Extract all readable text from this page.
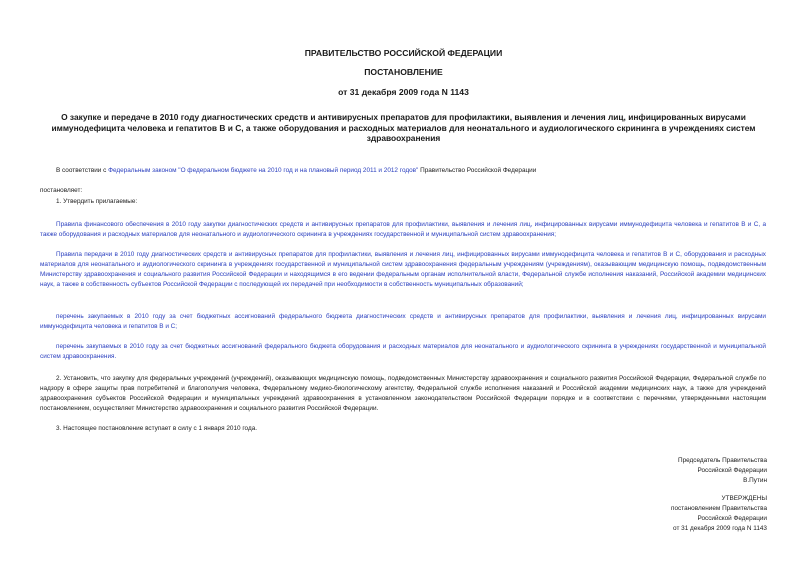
ПРАВИТЕЛЬСТВО РОССИЙСКОЙ ФЕДЕРАЦИИ
ПОСТАНОВЛЕНИЕ
от 31 декабря 2009 года N 1143
О закупке и передаче в 2010 году диагностических средств и антивирусных препаратов для профилактики, выявления и лечения лиц, инфицированных вирусами иммунодефицита человека и гепатитов В и С, а также оборудования и расходных материалов для неонатального и аудиологического скрининга в учреждениях систем здравоохранения
В соответствии с Федеральным законом "О федеральном бюджете на 2010 год и на плановый период 2011 и 2012 годов" Правительство Российской Федерации
постановляет:
1. Утвердить прилагаемые:
Правила финансового обеспечения в 2010 году закупки диагностических средств и антивирусных препаратов для профилактики, выявления и лечения лиц, инфицированных вирусами иммунодефицита человека и гепатитов В и С, а также оборудования и расходных материалов для неонатального и аудиологического скрининга в учреждениях государственной и муниципальной систем здравоохранения;
Правила передачи в 2010 году диагностических средств и антивирусных препаратов для профилактики, выявления и лечения лиц, инфицированных вирусами иммунодефицита человека и гепатитов В и С, оборудования и расходных материалов для неонатального и аудиологического скрининга в учреждениях государственной и муниципальной систем здравоохранения федеральным учреждениям (учреждениям), оказывающим медицинскую помощь, подведомственным Министерству здравоохранения и социального развития Российской Федерации и находящимся в его ведении федеральным органам исполнительной власти, Федеральной службе исполнения наказаний, Российской академии медицинских наук, а также в собственность субъектов Российской Федерации с последующей их передачей при необходимости в собственность муниципальных образований;
перечень закупаемых в 2010 году за счет бюджетных ассигнований федерального бюджета диагностических средств и антивирусных препаратов для профилактики, выявления и лечения лиц, инфицированных вирусами иммунодефицита человека и гепатитов В и С;
перечень закупаемых в 2010 году за счет бюджетных ассигнований федерального бюджета оборудования и расходных материалов для неонатального и аудиологического скрининга в учреждениях государственной и муниципальной систем здравоохранения.
2. Установить, что закупку для федеральных учреждений (учреждений), оказывающих медицинскую помощь, подведомственных Министерству здравоохранения и социального развития Российской Федерации, Федеральной службе по надзору в сфере защиты прав потребителей и благополучия человека, Федеральному медико-биологическому агентству, Федеральной службе исполнения наказаний и Российской академии медицинских наук, а также для учреждений здравоохранения субъектов Российской Федерации и муниципальных учреждений здравоохранения в установленном законодательством Российской Федерации порядке и в соответствии с перечнями, утвержденными настоящим постановлением, осуществляет Министерство здравоохранения и социального развития Российской Федерации.
3. Настоящее постановление вступает в силу с 1 января 2010 года.
Председатель Правительства
Российской Федерации
В.Путин
УТВЕРЖДЕНЫ
постановлением Правительства
Российской Федерации
от 31 декабря 2009 года N 1143
